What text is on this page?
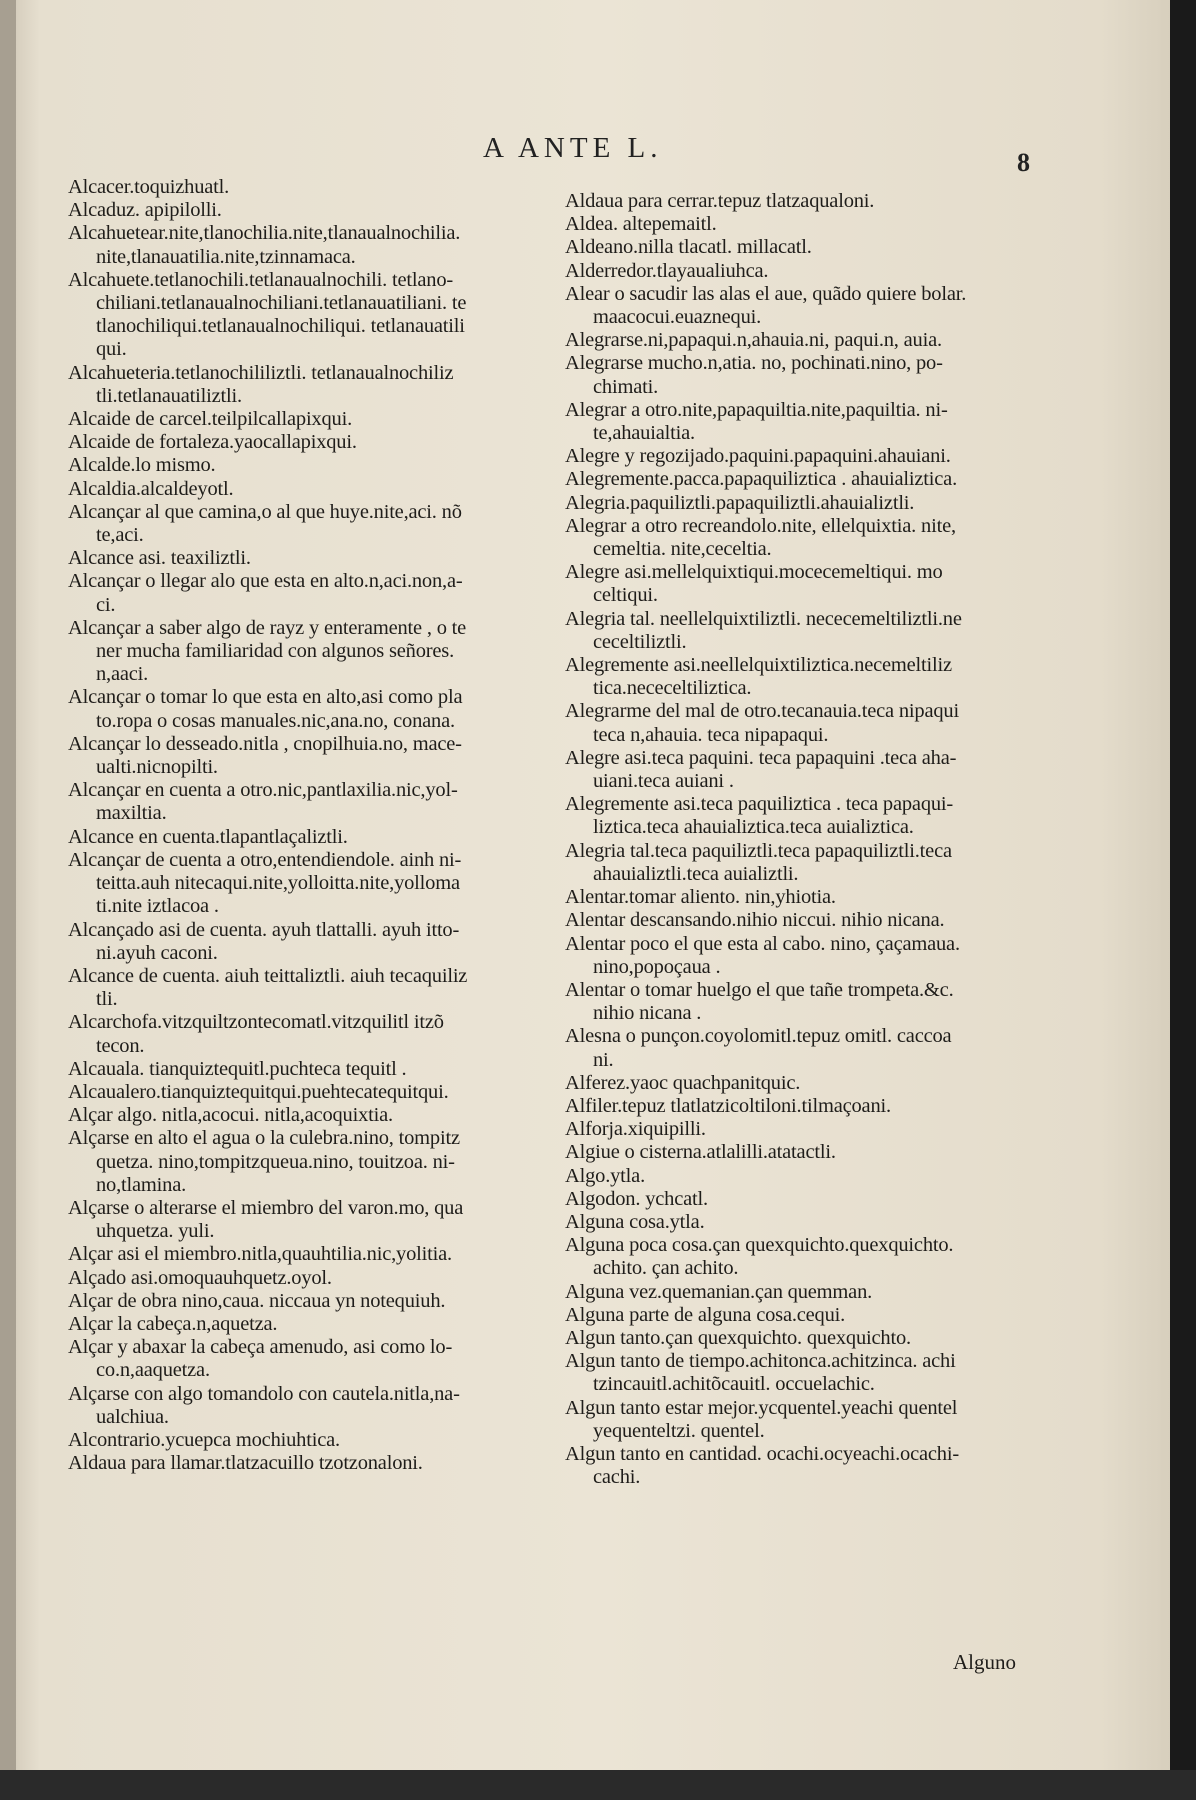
A ANTE L.	8
Alcacer.toquizhuatl.
Alcaduz. apipilolli.
Alcahuetear.nite,tlanochilia.nite,tlanaualnochilia.
nite,tlanauatilia.nite,tzinnamaca.
Alcahuete.tetlanochili.tetlanaualnochili. tetlano-
chiliani.tetlanaualnochiliani.tetlanauatiliani. te
tlanochiliqui.tetlanaualnochiliqui. tetlanauatili
qui.
Alcahueteria.tetlanochililiztli. tetlanaualnochiliz
tli.tetlanauatiliztli.
Alcaide de carcel.teilpilcallapixqui.
Alcaide de fortaleza.yaocallapixqui.
Alcalde.lo mismo.
Alcaldia.alcaldeyotl.
Alcançar al que camina,o al que huye.nite,aci. nõ
te,aci.
Alcance asi. teaxiliztli.
Alcançar o llegar alo que esta en alto.n,aci.non,a-
ci.
Alcançar a saber algo de rayz y enteramente , o te
ner mucha familiaridad con algunos señores.
n,aaci.
Alcançar o tomar lo que esta en alto,asi como pla
to.ropa o cosas manuales.nic,ana.no, conana.
Alcançar lo desseado.nitla , cnopilhuia.no, mace-
ualti.nicnopilti.
Alcançar en cuenta a otro.nic,pantlaxilia.nic,yol-
maxiltia.
Alcance en cuenta.tlapantlaçaliztli.
Alcançar de cuenta a otro,entendiendole. ainh ni-
teitta.auh nitecaqui.nite,yolloitta.nite,yolloma
ti.nite iztlacoa .
Alcançado asi de cuenta. ayuh tlattalli. ayuh itto-
ni.ayuh caconi.
Alcance de cuenta. aiuh teittaliztli. aiuh tecaquiliz
tli.
Alcarchofa.vitzquiltzontecomatl.vitzquilitl itzõ
tecon.
Alcauala. tianquiztequitl.puchteca tequitl .
Alcaualero.tianquiztequitqui.puehtecatequitqui.
Alçar algo. nitla,acocui. nitla,acoquixtia.
Alçarse en alto el agua o la culebra.nino, tompitz
quetza. nino,tompitzqueua.nino, touitzoa. ni-
no,tlamina.
Alçarse o alterarse el miembro del varon.mo, qua
uhquetza. yuli.
Alçar asi el miembro.nitla,quauhtilia.nic,yolitia.
Alçado asi.omoquauhquetz.oyol.
Alçar de obra nino,caua. niccaua yn notequiuh.
Alçar la cabeça.n,aquetza.
Alçar y abaxar la cabeça amenudo, asi como lo-
co.n,aaquetza.
Alçarse con algo tomandolo con cautela.nitla,na-
ualchiua.
Alcontrario.ycuepca mochiuhtica.
Aldaua para llamar.tlatzacuillo tzotzonaloni.
Aldaua para cerrar.tepuz tlatzaqualoni.
Aldea. altepemaitl.
Aldeano.nilla tlacatl. millacatl.
Alderredor.tlayaualiuhca.
Alear o sacudir las alas el aue, quãdo quiere bolar.
maacocui.euaznequi.
Alegrarse.ni,papaqui.n,ahauia.ni, paqui.n, auia.
Alegrarse mucho.n,atia. no, pochinati.nino, po-
chimati.
Alegrar a otro.nite,papaquiltia.nite,paquiltia. ni-
te,ahauialtia.
Alegre y regozijado.paquini.papaquini.ahauiani.
Alegremente.pacca.papaquiliztica . ahauializtica.
Alegria.paquiliztli.papaquiliztli.ahauializtli.
Alegrar a otro recreandolo.nite, ellelquixtia. nite,
cemeltia. nite,ceceltia.
Alegre asi.mellelquixtiqui.mocecemeltiqui. mo
celtiqui.
Alegria tal. neellelquixtiliztli. nececemeltiliztli.ne
ceceltiliztli.
Alegremente asi.neellelquixtiliztica.necemeltiliz
tica.nececeltiliztica.
Alegrarme del mal de otro.tecanauia.teca nipaqui
teca n,ahauia. teca nipapaqui.
Alegre asi.teca paquini. teca papaquini .teca aha-
uiani.teca auiani .
Alegremente asi.teca paquiliztica . teca papaqui-
liztica.teca ahauializtica.teca auializtica.
Alegria tal.teca paquiliztli.teca papaquiliztli.teca
ahauializtli.teca auializtli.
Alentar.tomar aliento. nin,yhiotia.
Alentar descansando.nihio niccui. nihio nicana.
Alentar poco el que esta al cabo. nino, çaçamaua.
nino,popoçaua .
Alentar o tomar huelgo el que tañe trompeta.&c.
nihio nicana .
Alesna o punçon.coyolomitl.tepuz omitl. caccoa
ni.
Alferez.yaoc quachpanitquic.
Alfiler.tepuz tlatlatzicoltiloni.tilmaçoani.
Alforja.xiquipilli.
Algiue o cisterna.atlalilli.atatactli.
Algo.ytla.
Algodon. ychcatl.
Alguna cosa.ytla.
Alguna poca cosa.çan quexquichto.quexquichto.
achito. çan achito.
Alguna vez.quemanian.çan quemman.
Alguna parte de alguna cosa.cequi.
Algun tanto.çan quexquichto. quexquichto.
Algun tanto de tiempo.achitonca.achitzinca. achi
tzincauitl.achitõcauitl. occuelachic.
Algun tanto estar mejor.ycquentel.yeachi quentel
yequenteltzi. quentel.
Algun tanto en cantidad. ocachi.ocyeachi.ocachi-
cachi.
Alguno
